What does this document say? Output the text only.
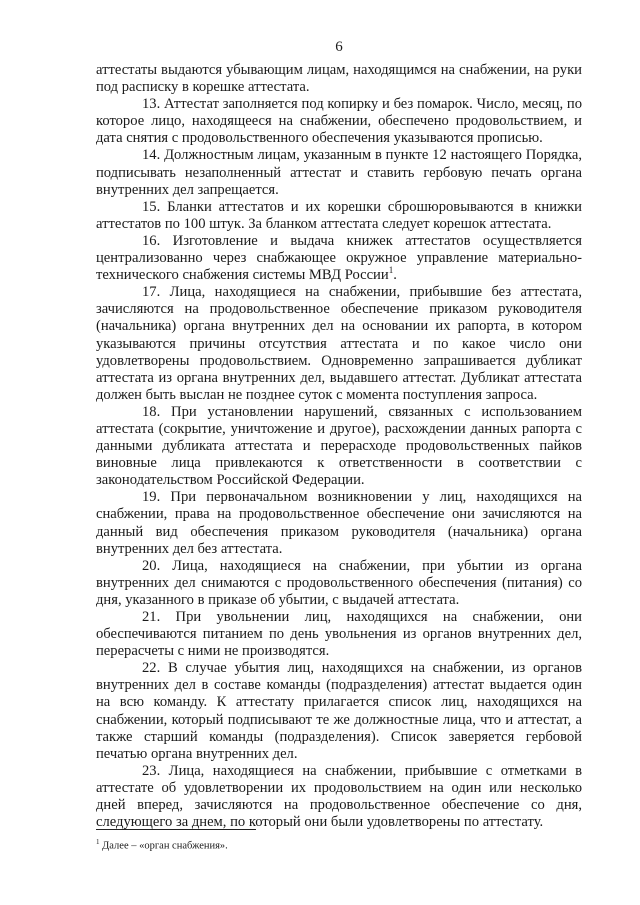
6

аттестаты выдаются убывающим лицам, находящимся на снабжении, на руки под расписку в корешке аттестата.

13. Аттестат заполняется под копирку и без помарок. Число, месяц, по которое лицо, находящееся на снабжении, обеспечено продовольствием, и дата снятия с продовольственного обеспечения указываются прописью.

14. Должностным лицам, указанным в пункте 12 настоящего Порядка, подписывать незаполненный аттестат и ставить гербовую печать органа внутренних дел запрещается.

15. Бланки аттестатов и их корешки сброшюровываются в книжки аттестатов по 100 штук. За бланком аттестата следует корешок аттестата.

16. Изготовление и выдача книжек аттестатов осуществляется централизованно через снабжающее окружное управление материально-технического снабжения системы МВД России$^1$.

17. Лица, находящиеся на снабжении, прибывшие без аттестата, зачисляются на продовольственное обеспечение приказом руководителя (начальника) органа внутренних дел на основании их рапорта, в котором указываются причины отсутствия аттестата и по какое число они удовлетворены продовольствием. Одновременно запрашивается дубликат аттестата из органа внутренних дел, выдавшего аттестат. Дубликат аттестата должен быть выслан не позднее суток с момента поступления запроса.

18. При установлении нарушений, связанных с использованием аттестата (сокрытие, уничтожение и другое), расхождении данных рапорта с данными дубликата аттестата и перерасходе продовольственных пайков виновные лица привлекаются к ответственности в соответствии с законодательством Российской Федерации.

19. При первоначальном возникновении у лиц, находящихся на снабжении, права на продовольственное обеспечение они зачисляются на данный вид обеспечения приказом руководителя (начальника) органа внутренних дел без аттестата.

20. Лица, находящиеся на снабжении, при убытии из органа внутренних дел снимаются с продовольственного обеспечения (питания) со дня, указанного в приказе об убытии, с выдачей аттестата.

21. При увольнении лиц, находящихся на снабжении, они обеспечиваются питанием по день увольнения из органов внутренних дел, перерасчеты с ними не производятся.

22. В случае убытия лиц, находящихся на снабжении, из органов внутренних дел в составе команды (подразделения) аттестат выдается один на всю команду. К аттестату прилагается список лиц, находящихся на снабжении, который подписывают те же должностные лица, что и аттестат, а также старший команды (подразделения). Список заверяется гербовой печатью органа внутренних дел.

23. Лица, находящиеся на снабжении, прибывшие с отметками в аттестате об удовлетворении их продовольствием на один или несколько дней вперед, зачисляются на продовольственное обеспечение со дня, следующего за днем, по который они были удовлетворены по аттестату.

$^1$ Далее – «орган снабжения».
